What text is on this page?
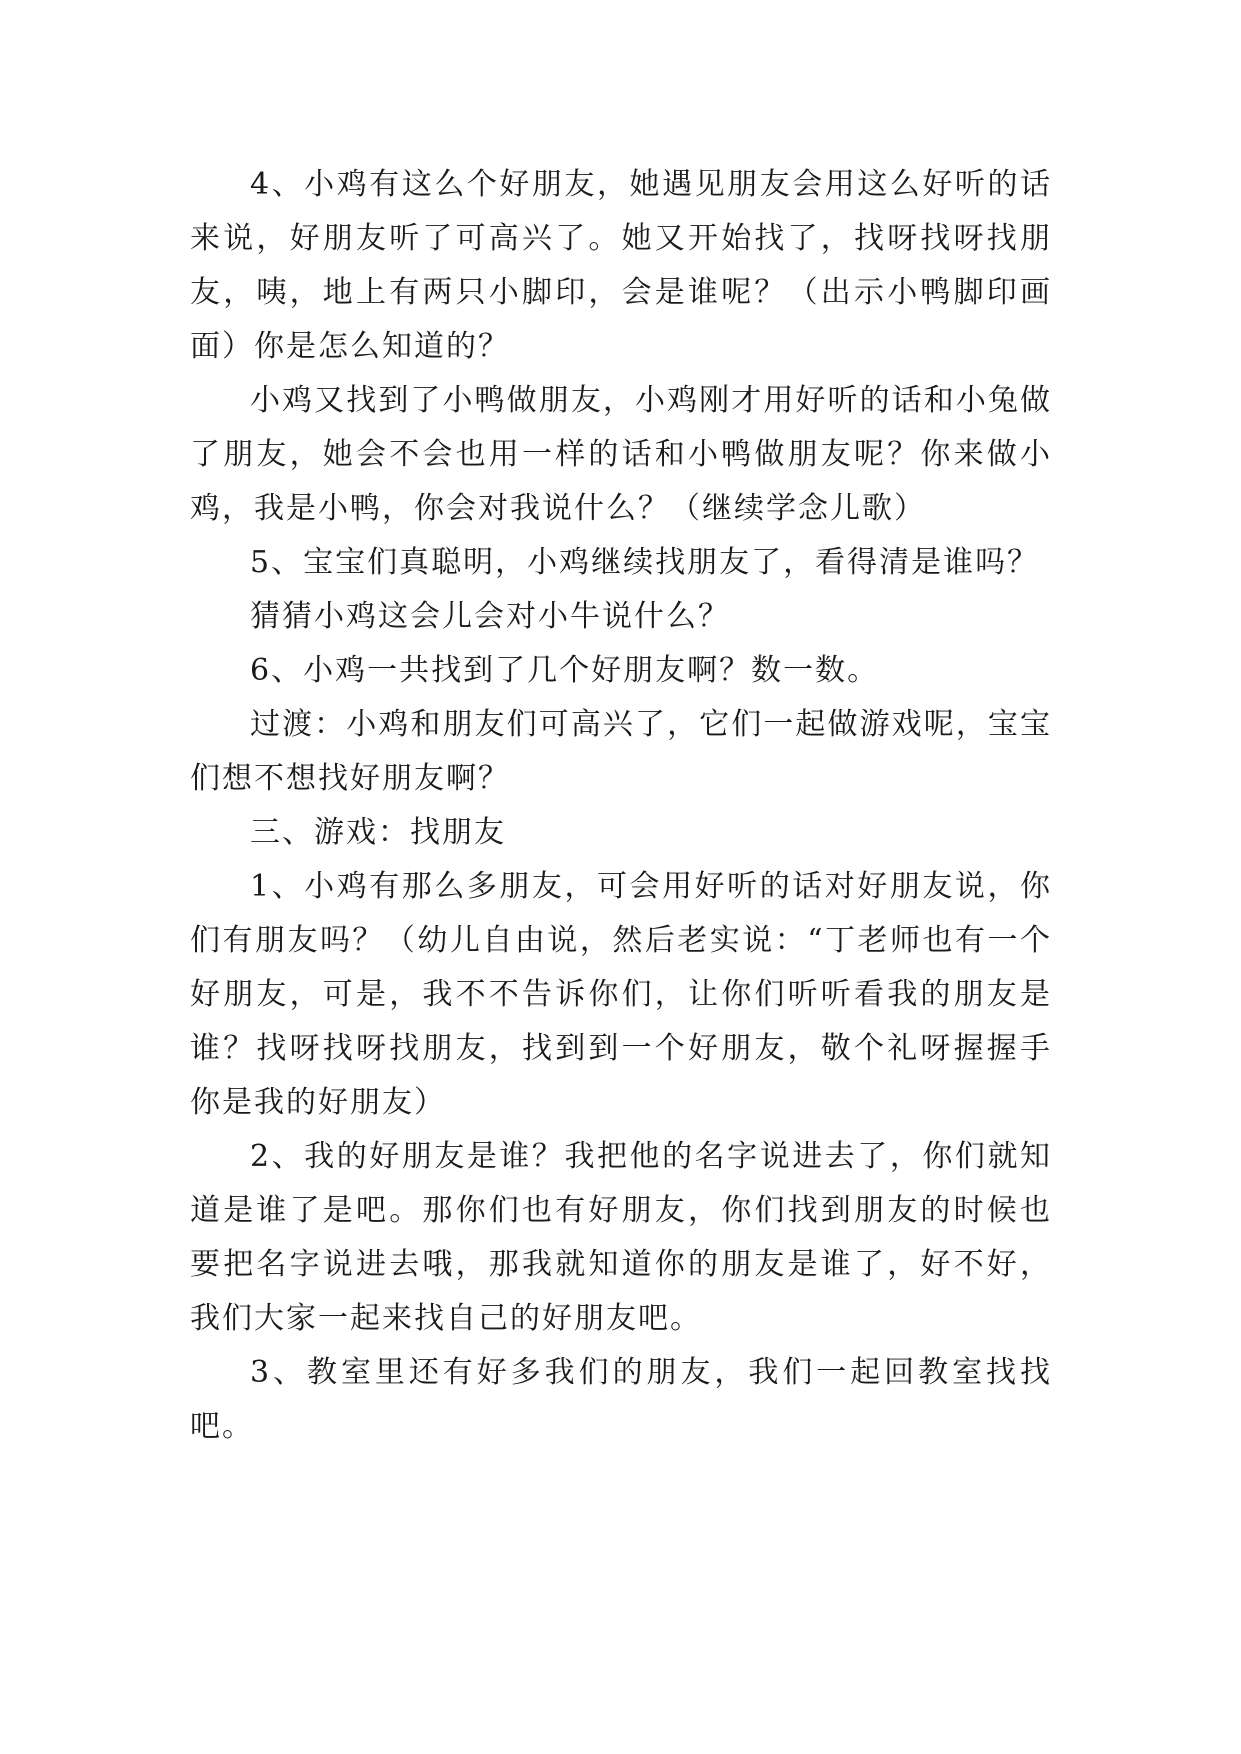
4、小鸡有这么个好朋友，她遇见朋友会用这么好听的话来说，好朋友听了可高兴了。她又开始找了，找呀找呀找朋友，咦，地上有两只小脚印，会是谁呢？（出示小鸭脚印画面）你是怎么知道的？

小鸡又找到了小鸭做朋友，小鸡刚才用好听的话和小兔做了朋友，她会不会也用一样的话和小鸭做朋友呢？你来做小鸡，我是小鸭，你会对我说什么？（继续学念儿歌）

5、宝宝们真聪明，小鸡继续找朋友了，看得清是谁吗？

猜猜小鸡这会儿会对小牛说什么？

6、小鸡一共找到了几个好朋友啊？数一数。

过渡：小鸡和朋友们可高兴了，它们一起做游戏呢，宝宝们想不想找好朋友啊？

三、游戏：找朋友

1、小鸡有那么多朋友，可会用好听的话对好朋友说，你们有朋友吗？（幼儿自由说，然后老实说：“丁老师也有一个好朋友，可是，我不不告诉你们，让你们听听看我的朋友是谁？找呀找呀找朋友，找到到一个好朋友，敬个礼呀握握手你是我的好朋友）

2、我的好朋友是谁？我把他的名字说进去了，你们就知道是谁了是吧。那你们也有好朋友，你们找到朋友的时候也要把名字说进去哦，那我就知道你的朋友是谁了，好不好，我们大家一起来找自己的好朋友吧。

3、教室里还有好多我们的朋友，我们一起回教室找找吧。
